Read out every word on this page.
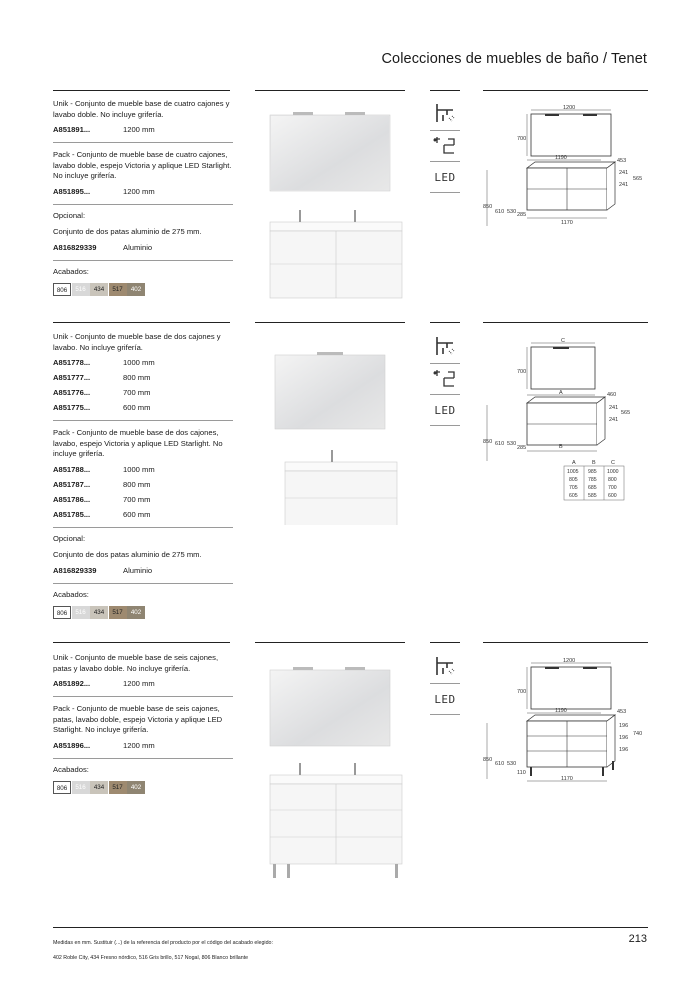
Colecciones de muebles de baño / Tenet
Unik - Conjunto de mueble base de cuatro cajones y lavabo doble. No incluye grifería.
A851891...	1200 mm
Pack - Conjunto de mueble base de cuatro cajones, lavabo doble, espejo Victoria y aplique LED Starlight. No incluye grifería.
A851895...	1200 mm
Opcional:
Conjunto de dos patas aluminio de 275 mm.
A816829339	Aluminio
Acabados:
806	516	434	517	402
LED
1200
700
1190	453
241
241
565
850
610 530 285
1170
Unik - Conjunto de mueble base de dos cajones y lavabo. No incluye grifería.
A851778...	1000 mm
A851777...	800 mm
A851776...	700 mm
A851775...	600 mm
Pack - Conjunto de mueble base de dos cajones, lavabo, espejo Victoria y aplique LED Starlight. No incluye grifería.
A851788...	1000 mm
A851787...	800 mm
A851786...	700 mm
A851785...	600 mm
Opcional:
Conjunto de dos patas aluminio de 275 mm.
A816829339	Aluminio
Acabados:
806	516	434	517	402
LED
C
700
A	460
241
241
565
850 610 530
285	B
A	B	C
1005 985 1000
805 785 800
705 685 700
605 585 600
Unik - Conjunto de mueble base de seis cajones, patas y lavabo doble. No incluye grifería.
A851892...	1200 mm
Pack - Conjunto de mueble base de seis cajones, patas, lavabo doble, espejo Victoria y aplique LED Starlight. No incluye grifería.
A851896...	1200 mm
Acabados:
806	516	434	517	402
LED
1200
700
1190	453
196
196
196
740
850
610 530
110
1170
Medidas en mm. Sustituir (...) de la referencia del producto por el código del acabado elegido:
402 Roble City, 434 Fresno nórdico, 516 Gris brillo, 517 Nogal, 806 Blanco brillante
213
